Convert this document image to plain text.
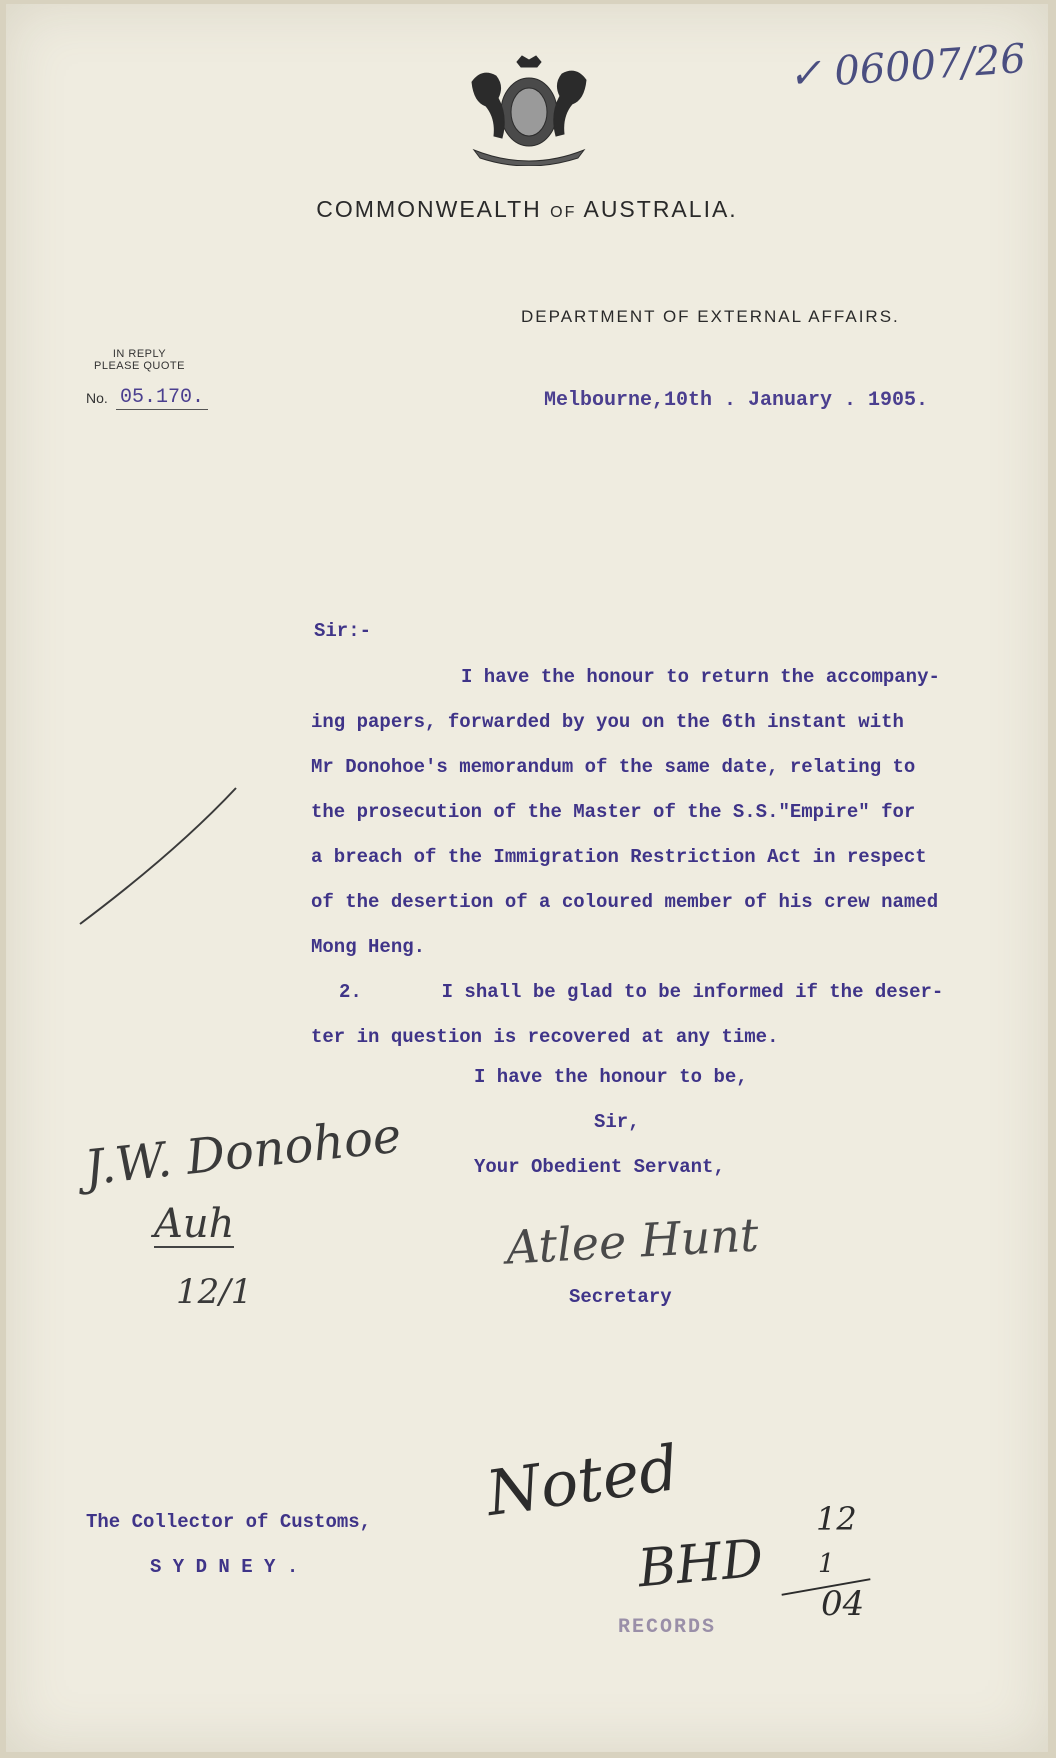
✓ 06007/26
COMMONWEALTH OF AUSTRALIA.
DEPARTMENT OF EXTERNAL AFFAIRS.
IN REPLY
PLEASE QUOTE
No. 05.170.	Melbourne,10th . January . 1905.
Sir:-
I have the honour to return the accompany-
ing papers, forwarded by you on the 6th instant with
Mr Donohoe's memorandum of the same date, relating to
the prosecution of the Master of the S.S."Empire" for
a breach of the Immigration Restriction Act in respect
of the desertion of a coloured member of his crew named
Mong Heng.
2.       I shall be glad to be informed if the deser-
ter in question is recovered at any time.
I have the honour to be,
Sir,
Your Obedient Servant,
Atlee Hunt
Secretary
J.W. Donohoe
Auh
12/1
The Collector of Customs,
S Y D N E Y .
Noted
BHD
12
1
04
RECORDS
